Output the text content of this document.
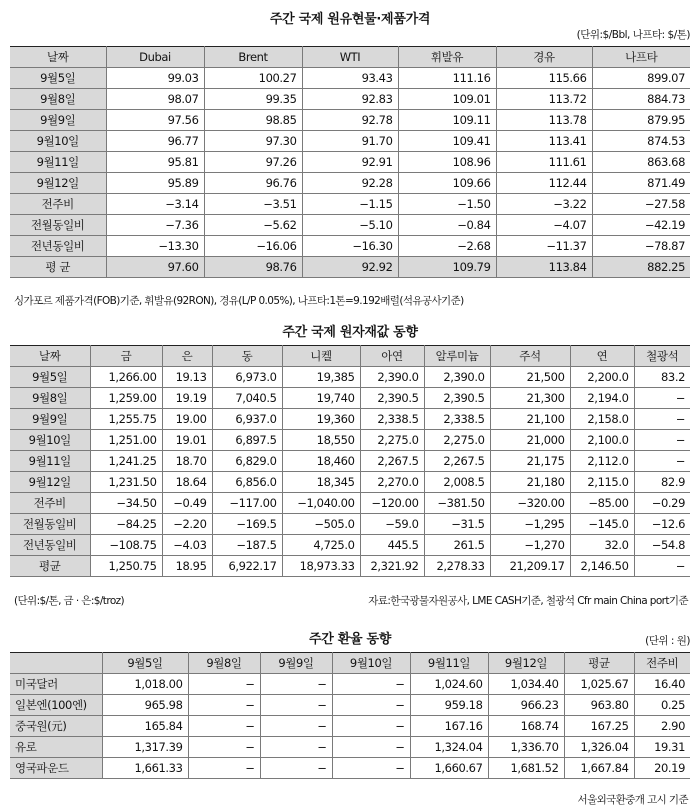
주간 국제 원유현물·제품가격
(단위:$/Bbl, 나프타: $/톤)
날짜	Dubai	Brent	WTI	휘발유	경유	나프타
9월5일	99.03	100.27	93.43	111.16	115.66	899.07
9월8일	98.07	99.35	92.83	109.01	113.72	884.73
9월9일	97.56	98.85	92.78	109.11	113.78	879.95
9월10일	96.77	97.30	91.70	109.41	113.41	874.53
9월11일	95.81	97.26	92.91	108.96	111.61	863.68
9월12일	95.89	96.76	92.28	109.66	112.44	871.49
전주비	−3.14	−3.51	−1.15	−1.50	−3.22	−27.58
전월동일비	−7.36	−5.62	−5.10	−0.84	−4.07	−42.19
전년동일비	−13.30	−16.06	−16.30	−2.68	−11.37	−78.87
평 균	97.60	98.76	92.92	109.79	113.84	882.25
싱가포르 제품가격(FOB)기준, 휘발유(92RON), 경유(L/P 0.05%), 나프타:1톤=9.192배럴(석유공사기준)
주간 국제 원자재값 동향
날짜	금	은	동	니켈	아연	알루미늄	주석	연	철광석
9월5일	1,266.00	19.13	6,973.0	19,385	2,390.0	2,390.0	21,500	2,200.0	83.2
9월8일	1,259.00	19.19	7,040.5	19,740	2,390.5	2,390.5	21,300	2,194.0	−
9월9일	1,255.75	19.00	6,937.0	19,360	2,338.5	2,338.5	21,100	2,158.0	−
9월10일	1,251.00	19.01	6,897.5	18,550	2,275.0	2,275.0	21,000	2,100.0	−
9월11일	1,241.25	18.70	6,829.0	18,460	2,267.5	2,267.5	21,175	2,112.0	−
9월12일	1,231.50	18.64	6,856.0	18,345	2,270.0	2,008.5	21,180	2,115.0	82.9
전주비	−34.50	−0.49	−117.00	−1,040.00	−120.00	−381.50	−320.00	−85.00	−0.29
전월동일비	−84.25	−2.20	−169.5	−505.0	−59.0	−31.5	−1,295	−145.0	−12.6
전년동일비	−108.75	−4.03	−187.5	4,725.0	445.5	261.5	−1,270	32.0	−54.8
평균	1,250.75	18.95	6,922.17	18,973.33	2,321.92	2,278.33	21,209.17	2,146.50	−
(단위:$/톤, 금 · 은:$/troz)	자료:한국광물자원공사, LME CASH기준, 철광석 Cfr main China port기준
주간 환율 동향	(단위 : 원)
	9월5일	9월8일	9월9일	9월10일	9월11일	9월12일	평균	전주비
미국달러	1,018.00	−	−	−	1,024.60	1,034.40	1,025.67	16.40
일본엔(100엔)	965.98	−	−	−	959.18	966.23	963.80	0.25
중국원(元)	165.84	−	−	−	167.16	168.74	167.25	2.90
유로	1,317.39	−	−	−	1,324.04	1,336.70	1,326.04	19.31
영국파운드	1,661.33	−	−	−	1,660.67	1,681.52	1,667.84	20.19
서울외국환중개 고시 기준
